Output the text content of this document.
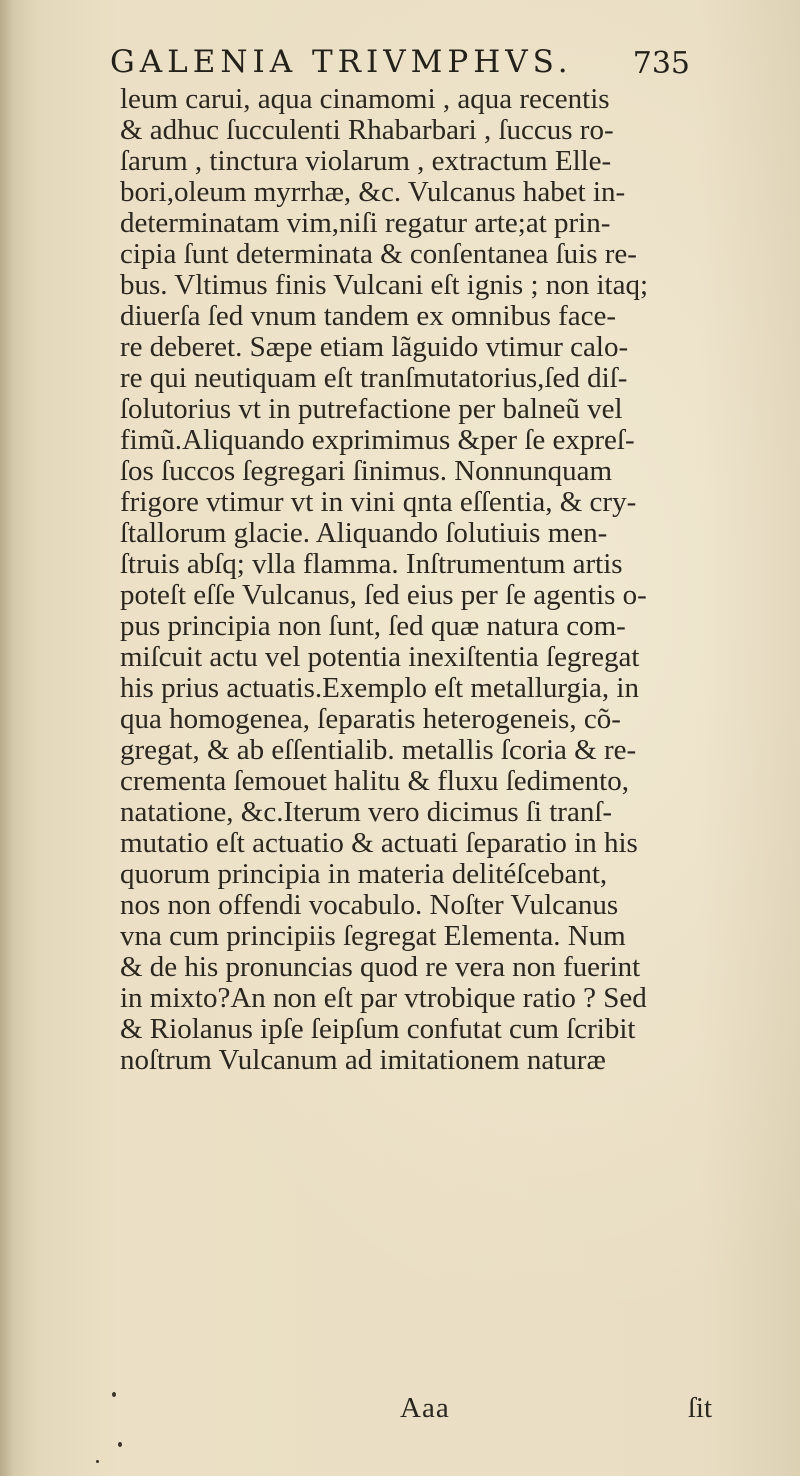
GALENIA TRIVMPHVS. 735
leum carui, aqua cinamomi , aqua recentis
& adhuc ſucculenti Rhabarbari , ſuccus ro-
ſarum , tinctura violarum , extractum Elle-
bori,oleum myrrhæ, &c. Vulcanus habet in-
determinatam vim,niſi regatur arte;at prin-
cipia ſunt determinata & conſentanea ſuis re-
bus. Vltimus finis Vulcani eſt ignis ; non itaq;
diuerſa ſed vnum tandem ex omnibus face-
re deberet. Sæpe etiam lãguido vtimur calo-
re qui neutiquam eſt tranſmutatorius,ſed diſ-
ſolutorius vt in putrefactione per balneũ vel
fimũ.Aliquando exprimimus &per ſe expreſ-
ſos ſuccos ſegregari ſinimus. Nonnunquam
frigore vtimur vt in vini qnta eſſentia, & cry-
ſtallorum glacie. Aliquando ſolutiuis men-
ſtruis abſq; vlla flamma. Inſtrumentum artis
poteſt eſſe Vulcanus, ſed eius per ſe agentis o-
pus principia non ſunt, ſed quæ natura com-
miſcuit actu vel potentia inexiſtentia ſegregat
his prius actuatis.Exemplo eſt metallurgia, in
qua homogenea, ſeparatis heterogeneis, cõ-
gregat, & ab eſſentialib. metallis ſcoria & re-
crementa ſemouet halitu & fluxu ſedimento,
natatione, &c.Iterum vero dicimus ſi tranſ-
mutatio eſt actuatio & actuati ſeparatio in his
quorum principia in materia delitéſcebant,
nos non offendi vocabulo. Noſter Vulcanus
vna cum principiis ſegregat Elementa. Num
& de his pronuncias quod re vera non fuerint
in mixto?An non eſt par vtrobique ratio ? Sed
& Riolanus ipſe ſeipſum confutat cum ſcribit
noſtrum Vulcanum ad imitationem naturæ
Aaa	ſit
